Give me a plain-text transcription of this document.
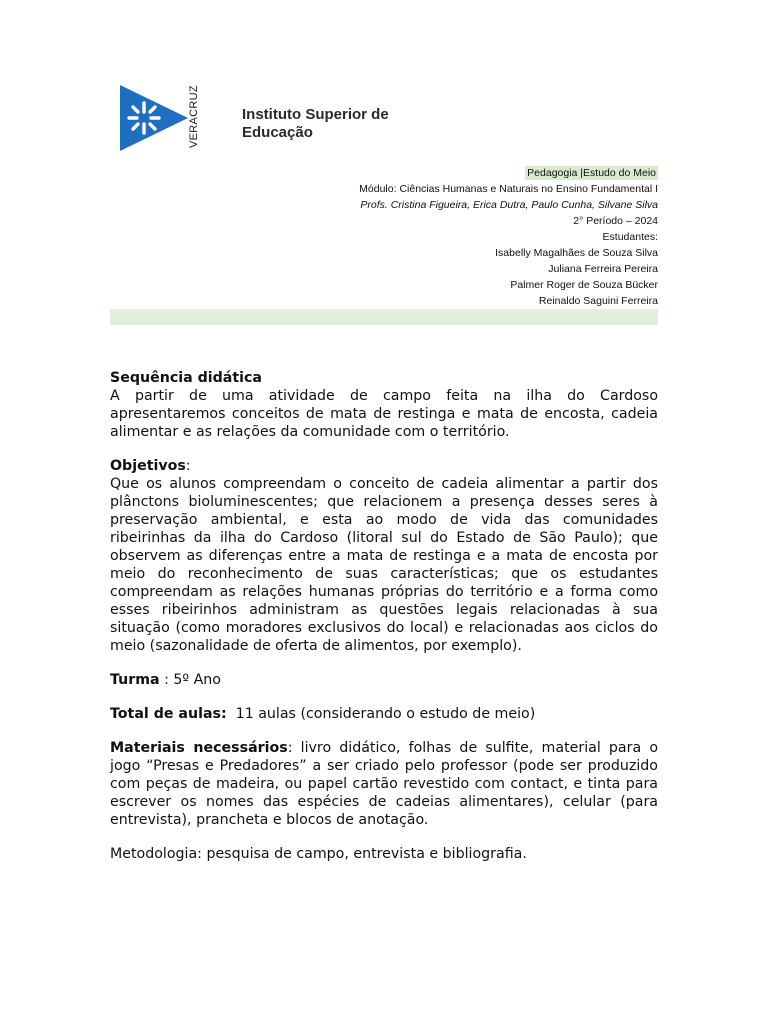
VERACRUZ	Instituto Superior de
Educação
Pedagogia |Estudo do Meio
Módulo: Ciências Humanas e Naturais no Ensino Fundamental I
Profs. Cristina Figueira, Erica Dutra, Paulo Cunha, Silvane Silva
2° Período – 2024
Estudantes:
Isabelly Magalhães de Souza Silva
Juliana Ferreira Pereira
Palmer Roger de Souza Bücker
Reinaldo Saguini Ferreira

Sequência didática

A partir de uma atividade de campo feita na ilha do Cardoso apresentaremos conceitos de mata de restinga e mata de encosta, cadeia alimentar e as relações da comunidade com o território.

Objetivos:

Que os alunos compreendam o conceito de cadeia alimentar a partir dos plânctons bioluminescentes; que relacionem a presença desses seres à preservação ambiental, e esta ao modo de vida das comunidades ribeirinhas da ilha do Cardoso (litoral sul do Estado de São Paulo); que observem as diferenças entre a mata de restinga e a mata de encosta por meio do reconhecimento de suas características; que os estudantes compreendam as relações humanas próprias do território e a forma como esses ribeirinhos administram as questões legais relacionadas à sua situação (como moradores exclusivos do local) e relacionadas aos ciclos do meio (sazonalidade de oferta de alimentos, por exemplo).

Turma : 5º Ano

Total de aulas:  11 aulas (considerando o estudo de meio)

Materiais necessários: livro didático, folhas de sulfite, material para o jogo “Presas e Predadores” a ser criado pelo professor (pode ser produzido com peças de madeira, ou papel cartão revestido com contact, e tinta para escrever os nomes das espécies de cadeias alimentares), celular (para entrevista), prancheta e blocos de anotação.

Metodologia: pesquisa de campo, entrevista e bibliografia.
